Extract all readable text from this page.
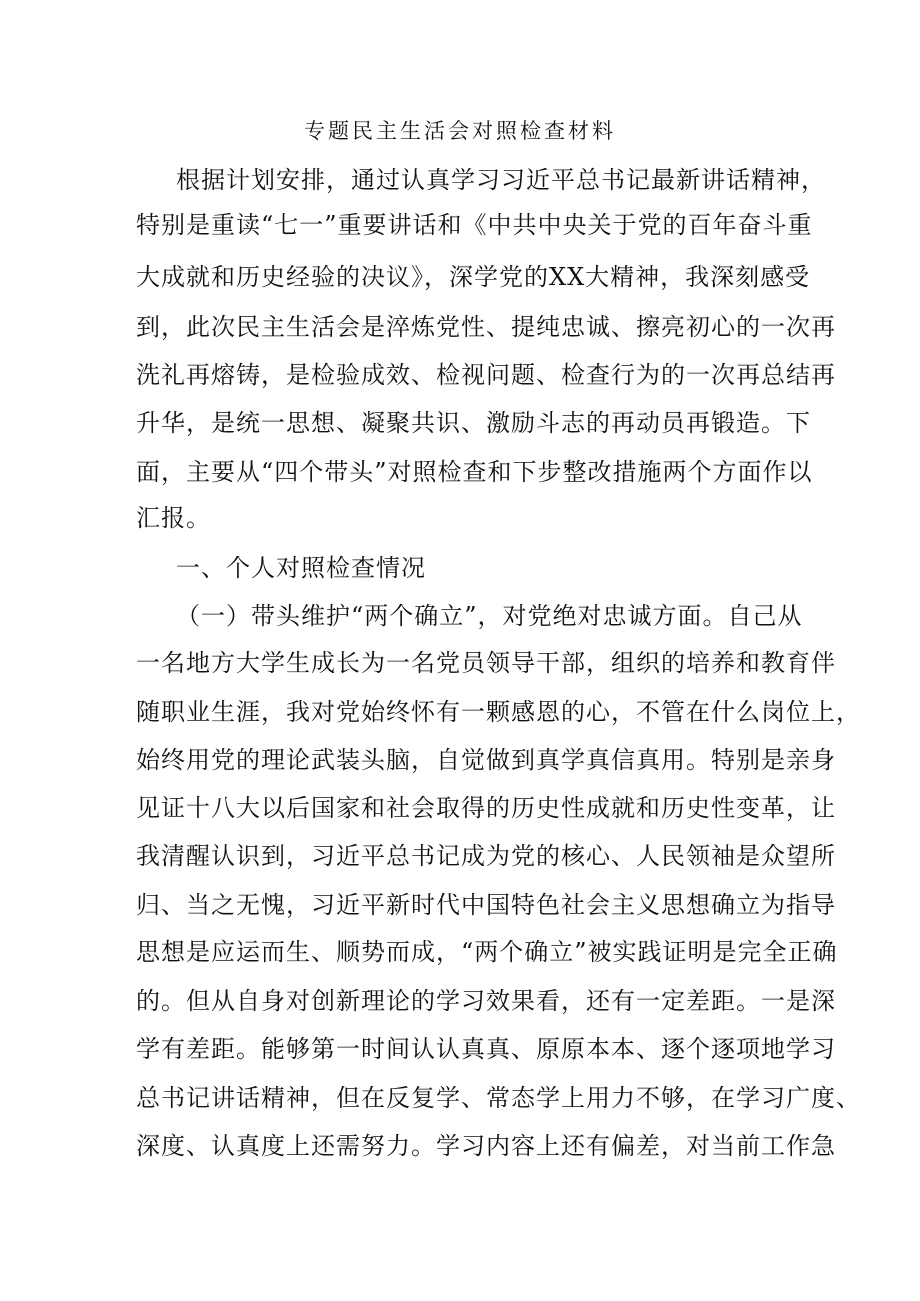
专题民主生活会对照检查材料
根据计划安排，通过认真学习习近平总书记最新讲话精神，
特别是重读“七一”重要讲话和《中共中央关于党的百年奋斗重
大成就和历史经验的决议》，深学党的XX大精神，我深刻感受
到，此次民主生活会是淬炼党性、提纯忠诚、擦亮初心的一次再
洗礼再熔铸，是检验成效、检视问题、检查行为的一次再总结再
升华，是统一思想、凝聚共识、激励斗志的再动员再锻造。下
面，主要从“四个带头”对照检查和下步整改措施两个方面作以
汇报。
一、个人对照检查情况
（一）带头维护“两个确立”，对党绝对忠诚方面。自己从
一名地方大学生成长为一名党员领导干部，组织的培养和教育伴
随职业生涯，我对党始终怀有一颗感恩的心，不管在什么岗位上，
始终用党的理论武装头脑，自觉做到真学真信真用。特别是亲身
见证十八大以后国家和社会取得的历史性成就和历史性变革，让
我清醒认识到，习近平总书记成为党的核心、人民领袖是众望所
归、当之无愧，习近平新时代中国特色社会主义思想确立为指导
思想是应运而生、顺势而成，“两个确立”被实践证明是完全正确
的。但从自身对创新理论的学习效果看，还有一定差距。一是深
学有差距。能够第一时间认认真真、原原本本、逐个逐项地学习
总书记讲话精神，但在反复学、常态学上用力不够，在学习广度、
深度、认真度上还需努力。学习内容上还有偏差，对当前工作急
